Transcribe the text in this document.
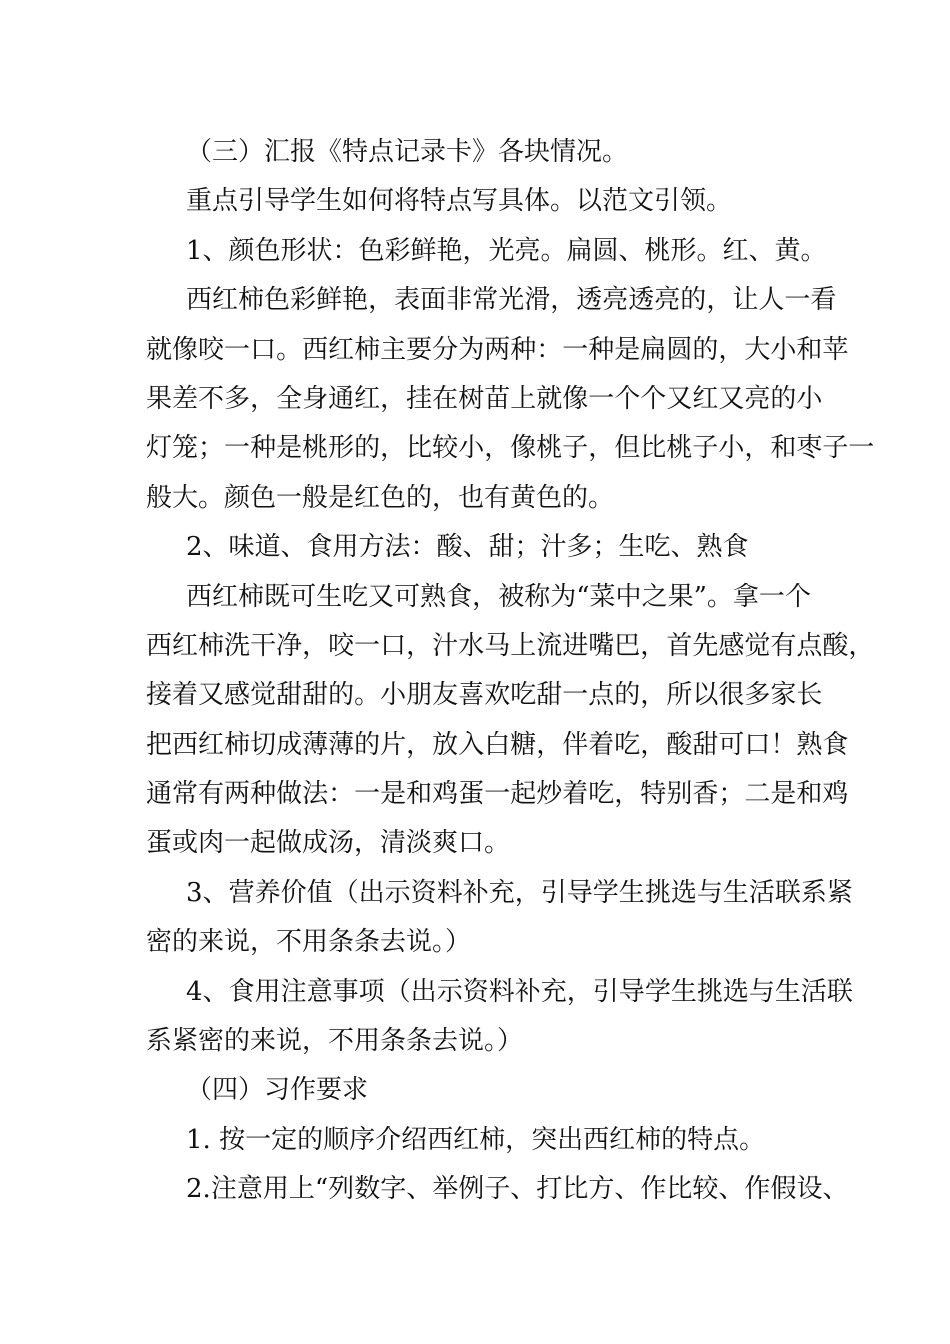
（三）汇报《特点记录卡》各块情况。
重点引导学生如何将特点写具体。以范文引领。
1、颜色形状：色彩鲜艳，光亮。扁圆、桃形。红、黄。
西 红 柿 色 彩 鲜 艳 ， 表 面 非 常 光 滑 ， 透 亮 透 亮 的 ， 让 人 一 看
就 像 咬 一 口 。 西 红 柿 主 要 分 为 两 种 ： 一 种 是 扁 圆 的 ， 大 小 和 苹
果 差 不 多 ， 全 身 通 红 ， 挂 在 树 苗 上 就 像 一 个 个 又 红 又 亮 的 小
灯 笼 ； 一 种 是 桃 形 的 ， 比 较 小 ， 像 桃 子 ， 但 比 桃 子 小 ， 和 枣 子 一
般大。颜色一般是红色的，也有黄色的。
2、味道、食用方法：酸、甜；汁多；生吃、熟食
西 红 柿 既 可 生 吃 又 可 熟 食 ， 被 称 为 “ 菜 中 之 果 ” 。 拿 一 个
西 红 柿 洗 干 净 ， 咬 一 口 ， 汁 水 马 上 流 进 嘴 巴 ， 首 先 感 觉 有 点 酸 ，
接 着 又 感 觉 甜 甜 的 。 小 朋 友 喜 欢 吃 甜 一 点 的 ， 所 以 很 多 家 长
把 西 红 柿 切 成 薄 薄 的 片 ， 放 入 白 糖 ， 伴 着 吃 ， 酸 甜 可 口 ！ 熟 食
通 常 有 两 种 做 法 ： 一 是 和 鸡 蛋 一 起 炒 着 吃 ， 特 别 香 ； 二 是 和 鸡
蛋或肉一起做成汤，清淡爽口。
3 、 营 养 价 值 （ 出 示 资 料 补 充 ， 引 导 学 生 挑 选 与 生 活 联 系 紧
密的来说，不用条条去说。）
4 、 食 用 注 意 事 项 （ 出 示 资 料 补 充 ， 引 导 学 生 挑 选 与 生 活 联
系紧密的来说，不用条条去说。）
（四）习作要求
1. 按一定的顺序介绍西红柿，突出西红柿的特点。
2 . 注 意 用 上 “ 列 数 字 、 举 例 子 、 打 比 方 、 作 比 较 、 作 假 设 、
